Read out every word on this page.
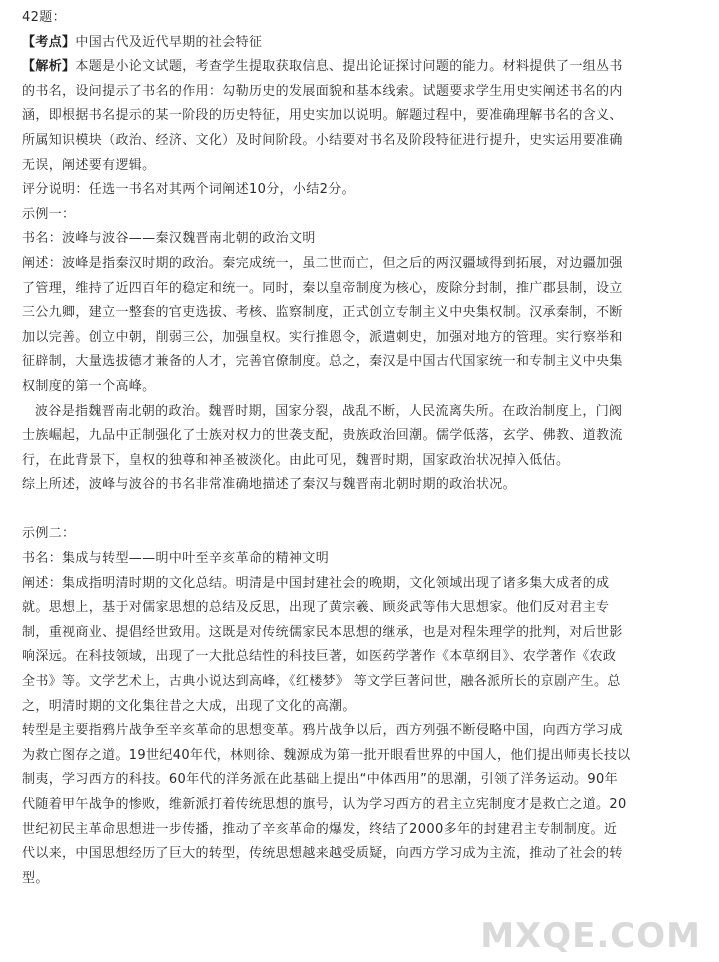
42题：
【考点】中国古代及近代早期的社会特征
【解析】本题是小论文试题，考查学生提取获取信息、提出论证探讨问题的能力。材料提供了一组丛书
的书名，设问提示了书名的作用：勾勒历史的发展面貌和基本线索。试题要求学生用史实阐述书名的内
涵，即根据书名提示的某一阶段的历史特征，用史实加以说明。解题过程中，要准确理解书名的含义、
所属知识模块（政治、经济、文化）及时间阶段。小结要对书名及阶段特征进行提升，史实运用要准确
无误，阐述要有逻辑。
评分说明：任选一书名对其两个词阐述10分，小结2分。
示例一：
书名：波峰与波谷——秦汉魏晋南北朝的政治文明
阐述：波峰是指秦汉时期的政治。秦完成统一，虽二世而亡，但之后的两汉疆域得到拓展，对边疆加强
了管理，维持了近四百年的稳定和统一。同时，秦以皇帝制度为核心，废除分封制，推广郡县制，设立
三公九卿，建立一整套的官吏选拔、考核、监察制度，正式创立专制主义中央集权制。汉承秦制，不断
加以完善。创立中朝，削弱三公，加强皇权。实行推恩令，派遣刺史，加强对地方的管理。实行察举和
征辟制，大量选拔德才兼备的人才，完善官僚制度。总之，秦汉是中国古代国家统一和专制主义中央集
权制度的第一个高峰。
波谷是指魏晋南北朝的政治。魏晋时期，国家分裂，战乱不断，人民流离失所。在政治制度上，门阀
士族崛起，九品中正制强化了士族对权力的世袭支配，贵族政治回潮。儒学低落，玄学、佛教、道教流
行，在此背景下，皇权的独尊和神圣被淡化。由此可见，魏晋时期，国家政治状况掉入低估。
综上所述，波峰与波谷的书名非常准确地描述了秦汉与魏晋南北朝时期的政治状况。
示例二：
书名：集成与转型——明中叶至辛亥革命的精神文明
阐述：集成指明清时期的文化总结。明清是中国封建社会的晚期，文化领域出现了诸多集大成者的成
就。思想上，基于对儒家思想的总结及反思，出现了黄宗羲、顾炎武等伟大思想家。他们反对君主专
制，重视商业、提倡经世致用。这既是对传统儒家民本思想的继承，也是对程朱理学的批判，对后世影
响深远。在科技领域，出现了一大批总结性的科技巨著，如医药学著作《本草纲目》、农学著作《农政
全书》等。文学艺术上，古典小说达到高峰，《红楼梦》 等文学巨著问世，融各派所长的京剧产生。总
之，明清时期的文化集往昔之大成，出现了文化的高潮。
转型是主要指鸦片战争至辛亥革命的思想变革。鸦片战争以后，西方列强不断侵略中国，向西方学习成
为救亡图存之道。19世纪40年代，林则徐、魏源成为第一批开眼看世界的中国人，他们提出师夷长技以
制夷，学习西方的科技。60年代的洋务派在此基础上提出“中体西用”的思潮，引领了洋务运动。90年
代随着甲午战争的惨败，维新派打着传统思想的旗号，认为学习西方的君主立宪制度才是救亡之道。20
世纪初民主革命思想进一步传播，推动了辛亥革命的爆发，终结了2000多年的封建君主专制制度。近
代以来，中国思想经历了巨大的转型，传统思想越来越受质疑，向西方学习成为主流，推动了社会的转
型。
MXQE.COM
